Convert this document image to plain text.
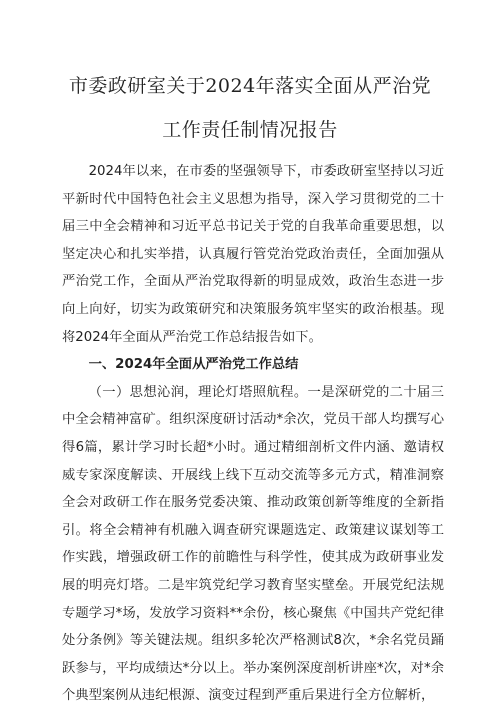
市委政研室关于2024年落实全面从严治党
工作责任制情况报告

2024年以来，在市委的坚强领导下，市委政研室坚持以习近平新时代中国特色社会主义思想为指导，深入学习贯彻党的二十届三中全会精神和习近平总书记关于党的自我革命重要思想，以坚定决心和扎实举措，认真履行管党治党政治责任，全面加强从严治党工作，全面从严治党取得新的明显成效，政治生态进一步向上向好，切实为政策研究和决策服务筑牢坚实的政治根基。现将2024年全面从严治党工作总结报告如下。

一、2024年全面从严治党工作总结

（一）思想沁润，理论灯塔照航程。一是深研党的二十届三中全会精神富矿。组织深度研讨活动*余次，党员干部人均撰写心得6篇，累计学习时长超*小时。通过精细剖析文件内涵、邀请权威专家深度解读、开展线上线下互动交流等多元方式，精准洞察全会对政研工作在服务党委决策、推动政策创新等维度的全新指引。将全会精神有机融入调查研究课题选定、政策建议谋划等工作实践，增强政研工作的前瞻性与科学性，使其成为政研事业发展的明亮灯塔。二是牢筑党纪学习教育坚实壁垒。开展党纪法规专题学习*场，发放学习资料**余份，核心聚焦《中国共产党纪律处分条例》等关键法规。组织多轮次严格测试8次，*余名党员踊跃参与，平均成绩达*分以上。举办案例深度剖析讲座*次，对*余个典型案例从违纪根源、演变过程到严重后果进行全方位解析，
